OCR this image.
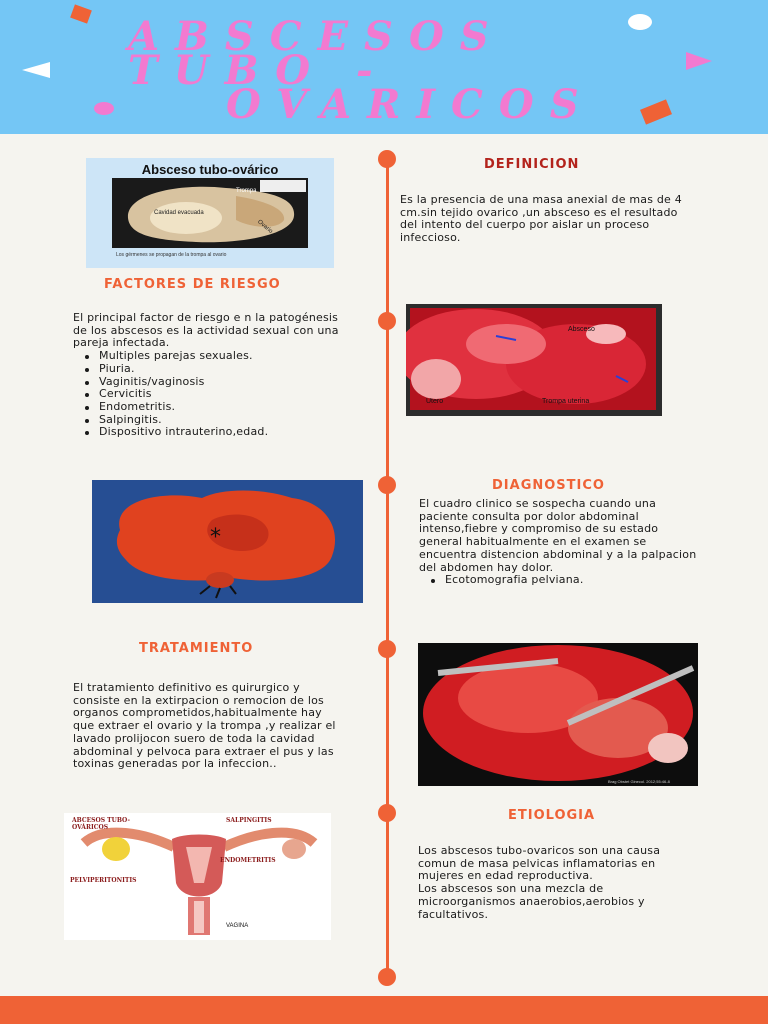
ABSCESOS TUBO -
OVARICOS
Absceso tubo-ovárico
Trompa
Cavidad evacuada
Ovario
Los gérmenes se propagan de la trompa al ovario
DEFINICION
Es la presencia de una masa anexial de mas de 4 cm.sin tejido ovarico ,un absceso es el resultado del intento del cuerpo por aislar un proceso infeccioso.
FACTORES DE RIESGO
El principal factor de riesgo e n la patogénesis de los abscesos es la actividad sexual con una pareja infectada.
Multiples parejas sexuales.
Piuria.
Vaginitis/vaginosis
Cervicitis
Endometritis.
Salpingitis.
Dispositivo intrauterino,edad.
Absceso
Utero	Trompa uterina
*
DIAGNOSTICO
El cuadro clinico se sospecha cuando una paciente consulta por dolor abdominal intenso,fiebre y compromiso de su estado general habitualmente en el examen se encuentra distencion abdominal y a la palpacion del abdomen hay dolor.
Ecotomografia pelviana.
TRATAMIENTO
El tratamiento definitivo es quirurgico y consiste en la extirpacion o remocion de los organos comprometidos,habitualmente hay que extraer el ovario y la trompa ,y realizar el lavado prolijocon suero de toda la cavidad abdominal y pelvoca para extraer el pus y las toxinas generadas por la infeccion..
Brag Obstet Ginecol. 2012;55:46-8
ABCESOS TUBO-OVÁRICOS
SALPINGITIS
ENDOMETRITIS
PELVIPERITONITIS
VAGINA
ETIOLOGIA
Los abscesos tubo-ovaricos son una causa comun de masa pelvicas inflamatorias en mujeres en edad reproductiva.
Los abscesos son una mezcla de microorganismos anaerobios,aerobios y facultativos.
